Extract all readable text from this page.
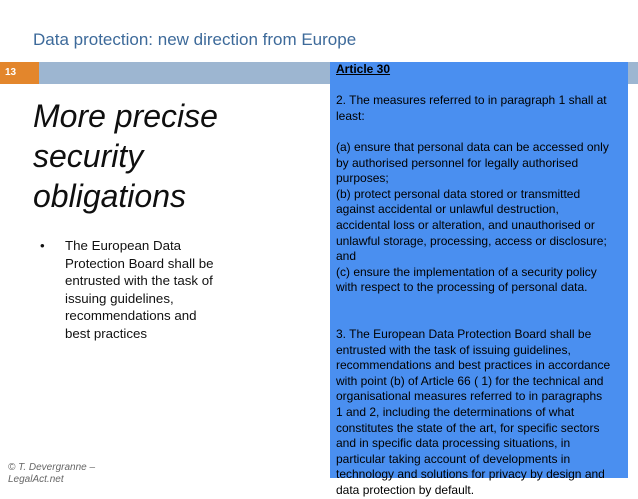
Data protection: new direction from Europe
13
More precise
security
obligations
•	The European Data
Protection Board shall be
entrusted with the task of
issuing guidelines,
recommendations and
best practices
Article 30
2. The measures referred to in paragraph 1 shall at
least:
(a) ensure that personal data can be accessed only
by authorised personnel for legally authorised
purposes;
(b) protect personal data stored or transmitted
against accidental or unlawful destruction,
accidental loss or alteration, and unauthorised or
unlawful storage, processing, access or disclosure;
and
(c) ensure the implementation of a security policy
with respect to the processing of personal data.
3. The European Data Protection Board shall be
entrusted with the task of issuing guidelines,
recommendations and best practices in accordance
with point (b) of Article 66 ( 1) for the technical and
organisational measures referred to in paragraphs
1 and 2, including the determinations of what
constitutes the state of the art, for specific sectors
and in specific data processing situations, in
particular taking account of developments in
technology and solutions for privacy by design and
data protection by default.
© T. Devergranne –
LegalAct.net
